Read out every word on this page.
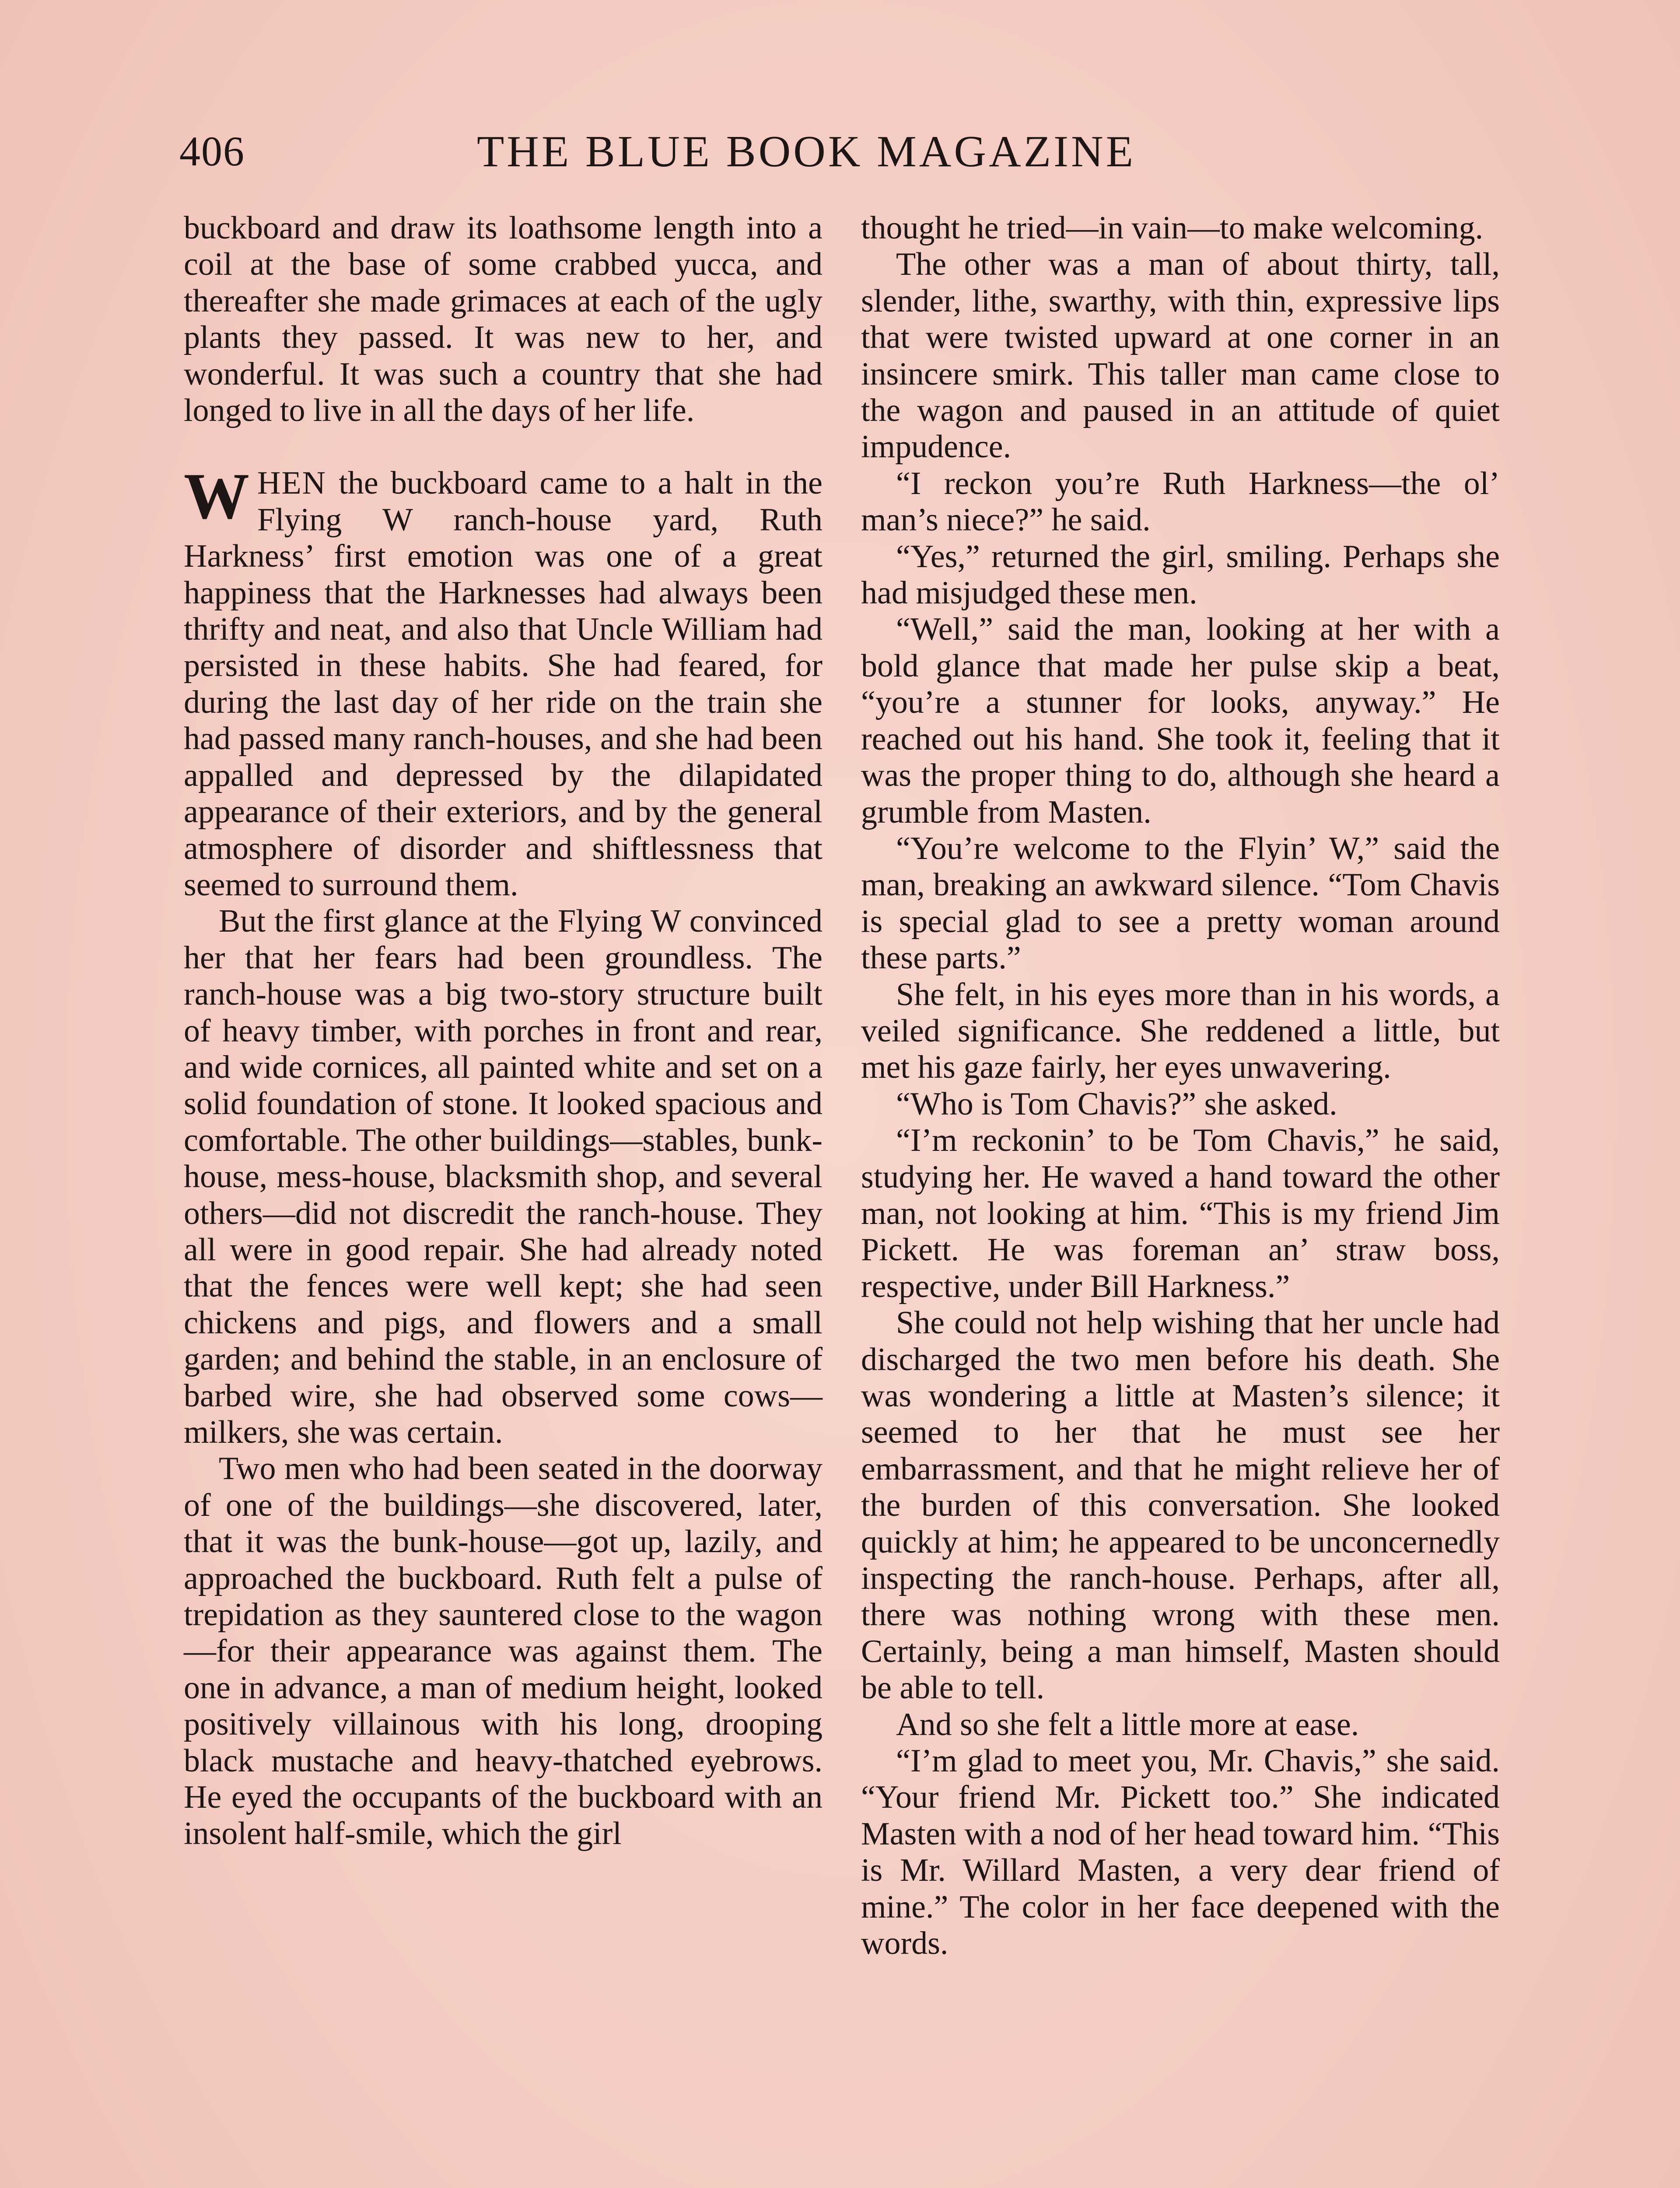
406	THE BLUE BOOK MAGAZINE

buckboard and draw its loathsome length into a coil at the base of some crabbed yucca, and thereafter she made grimaces at each of the ugly plants they passed. It was new to her, and wonderful. It was such a country that she had longed to live in all the days of her life.

WHEN the buckboard came to a halt in the Flying W ranch-house yard, Ruth Harkness’ first emotion was one of a great happiness that the Harknesses had always been thrifty and neat, and also that Uncle William had persisted in these habits. She had feared, for during the last day of her ride on the train she had passed many ranch-houses, and she had been appalled and depressed by the dilapidated appearance of their exteriors, and by the general atmosphere of disorder and shiftlessness that seemed to surround them.

But the first glance at the Flying W convinced her that her fears had been groundless. The ranch-house was a big two-story structure built of heavy timber, with porches in front and rear, and wide cornices, all painted white and set on a solid foundation of stone. It looked spacious and comfortable. The other buildings—stables, bunk-house, mess-house, blacksmith shop, and several others—did not discredit the ranch-house. They all were in good repair. She had already noted that the fences were well kept; she had seen chickens and pigs, and flowers and a small garden; and behind the stable, in an enclosure of barbed wire, she had observed some cows—milkers, she was certain.

Two men who had been seated in the doorway of one of the buildings—she discovered, later, that it was the bunk-house—got up, lazily, and approached the buckboard. Ruth felt a pulse of trepidation as they sauntered close to the wagon—for their appearance was against them. The one in advance, a man of medium height, looked positively villainous with his long, drooping black mustache and heavy-thatched eyebrows. He eyed the occupants of the buckboard with an insolent half-smile, which the girl

thought he tried—in vain—to make welcoming.

The other was a man of about thirty, tall, slender, lithe, swarthy, with thin, expressive lips that were twisted upward at one corner in an insincere smirk. This taller man came close to the wagon and paused in an attitude of quiet impudence.

“I reckon you’re Ruth Harkness—the ol’ man’s niece?” he said.

“Yes,” returned the girl, smiling. Perhaps she had misjudged these men.

“Well,” said the man, looking at her with a bold glance that made her pulse skip a beat, “you’re a stunner for looks, anyway.” He reached out his hand. She took it, feeling that it was the proper thing to do, although she heard a grumble from Masten.

“You’re welcome to the Flyin’ W,” said the man, breaking an awkward silence. “Tom Chavis is special glad to see a pretty woman around these parts.”

She felt, in his eyes more than in his words, a veiled significance. She reddened a little, but met his gaze fairly, her eyes unwavering.

“Who is Tom Chavis?” she asked.

“I’m reckonin’ to be Tom Chavis,” he said, studying her. He waved a hand toward the other man, not looking at him. “This is my friend Jim Pickett. He was foreman an’ straw boss, respective, under Bill Harkness.”

She could not help wishing that her uncle had discharged the two men before his death. She was wondering a little at Masten’s silence; it seemed to her that he must see her embarrassment, and that he might relieve her of the burden of this conversation. She looked quickly at him; he appeared to be unconcernedly inspecting the ranch-house. Perhaps, after all, there was nothing wrong with these men. Certainly, being a man himself, Masten should be able to tell.

And so she felt a little more at ease.

“I’m glad to meet you, Mr. Chavis,” she said. “Your friend Mr. Pickett too.” She indicated Masten with a nod of her head toward him. “This is Mr. Willard Masten, a very dear friend of mine.” The color in her face deepened with the words.
